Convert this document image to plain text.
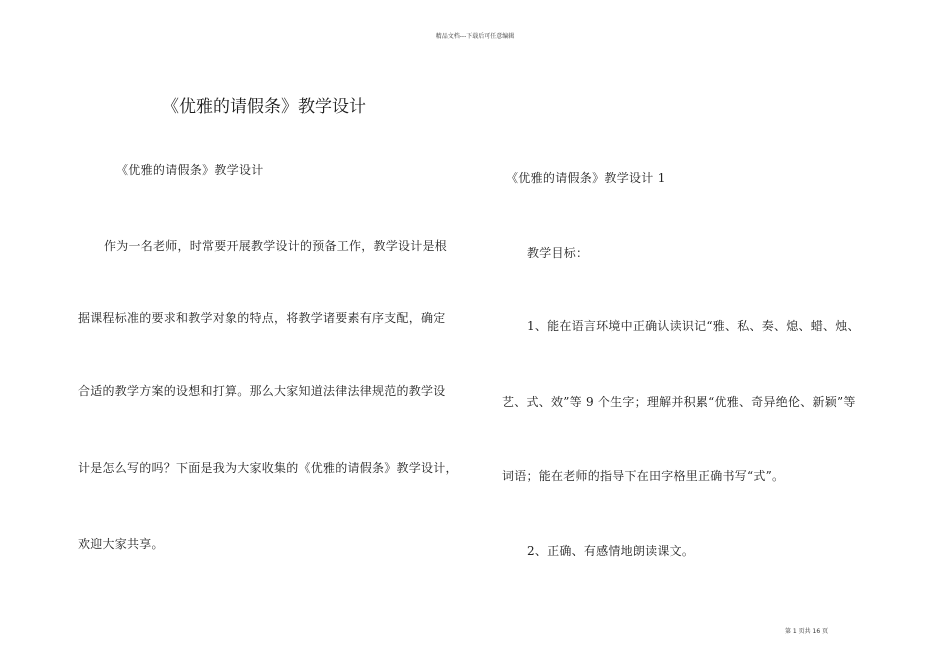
精品文档---下载后可任意编辑
《优雅的请假条》教学设计
《优雅的请假条》教学设计
作为一名老师，时常要开展教学设计的预备工作，教学设计是根
据课程标准的要求和教学对象的特点，将教学诸要素有序支配，确定
合适的教学方案的设想和打算。那么大家知道法律法律规范的教学设
计是怎么写的吗？下面是我为大家收集的《优雅的请假条》教学设计，
欢迎大家共享。
《优雅的请假条》教学设计 1
教学目标：
1、能在语言环境中正确认读识记“雅、私、奏、熄、蜡、烛、
艺、式、效”等 9 个生字；理解并积累“优雅、奇异绝伦、新颖”等
词语；能在老师的指导下在田字格里正确书写“式”。
2、正确、有感情地朗读课文。
第 1 页共 16 页
